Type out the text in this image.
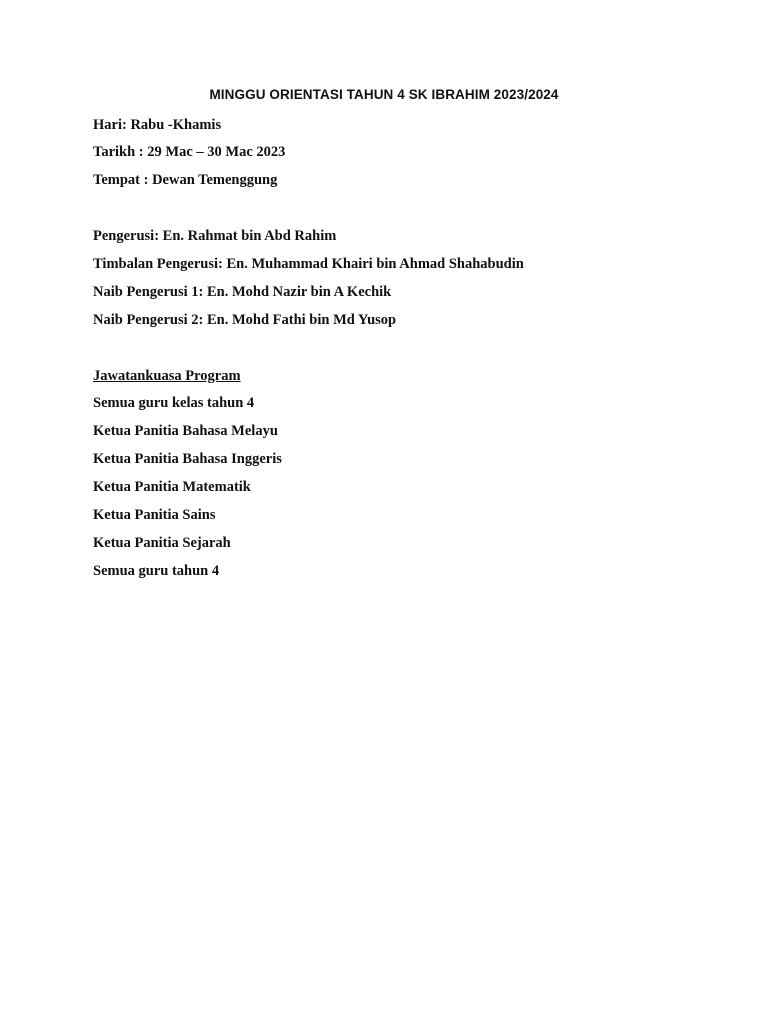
MINGGU ORIENTASI TAHUN 4 SK IBRAHIM 2023/2024
Hari: Rabu -Khamis
Tarikh : 29 Mac – 30 Mac 2023
Tempat : Dewan Temenggung
Pengerusi: En. Rahmat bin Abd Rahim
Timbalan Pengerusi: En. Muhammad Khairi bin Ahmad Shahabudin
Naib Pengerusi 1: En. Mohd Nazir bin A Kechik
Naib Pengerusi 2: En. Mohd Fathi bin Md Yusop
Jawatankuasa Program
Semua guru kelas tahun 4
Ketua Panitia Bahasa Melayu
Ketua Panitia Bahasa Inggeris
Ketua Panitia Matematik
Ketua Panitia Sains
Ketua Panitia Sejarah
Semua guru tahun 4
